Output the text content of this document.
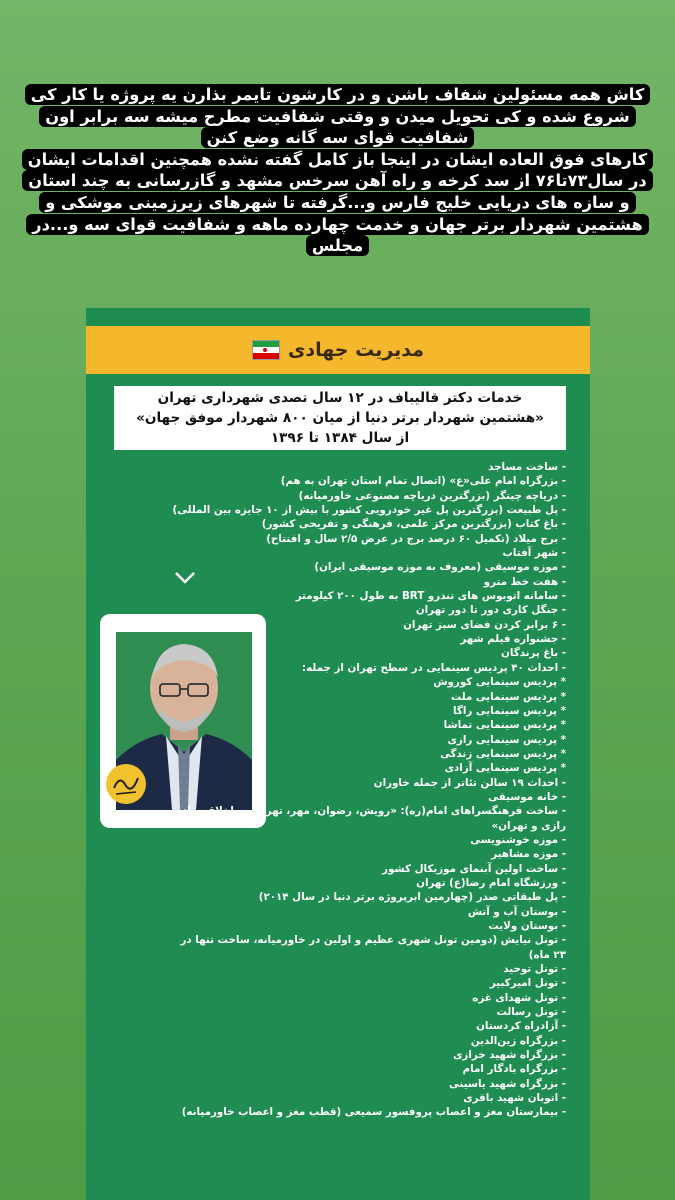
کاش همه مسئولین شفاف باشن و در کارشون تایمر بذارن یه پروژه یا کار کی
شروع شده و کی تحویل میدن و وقتی شفافیت مطرح میشه سه برابر اون
شفافیت قوای سه گانه وضع کنن
کارهای فوق العاده ایشان در اینجا باز کامل گفته نشده همچنین اقدامات ایشان
در سال۷۳تا۷۶ از سد کرخه و راه آهن سرخس مشهد و گازرسانی به چند استان
و سازه های دریایی خلیج فارس و...گرفته تا شهرهای زیرزمینی موشکی و
هشتمین شهردار برتر جهان و خدمت چهارده ماهه و شفافیت قوای سه و...در
مجلس

مدیریت جهادی
خدمات دکتر قالیباف در ۱۲ سال تصدی شهرداری تهران
«هشتمین شهردار برتر دنیا از میان ۸۰۰ شهردار موفق جهان»
از سال ۱۳۸۴ تا ۱۳۹۶
- ساخت مساجد
- بزرگراه امام علی«ع» (اتصال تمام استان تهران به هم)
- دریاچه چیتگر (بزرگترین دریاچه مصنوعی خاورمیانه)
- پل طبیعت (بزرگترین پل غیر خودرویی کشور با بیش از ۱۰ جایزه بین المللی)
- باغ کتاب (بزرگترین مرکز علمی، فرهنگی و تفریحی کشور)
- برج میلاد (تکمیل ۶۰ درصد برج در عرض ۲/۵ سال و افتتاح)
- شهر آفتاب
- موزه موسیقی (معروف به موزه موسیقی ایران)
- هفت خط مترو
- سامانه اتوبوس های تندرو BRT به طول ۲۰۰ کیلومتر
- جنگل کاری دور تا دور تهران
- ۶ برابر کردن فضای سبز تهران
- جشنواره فیلم شهر
- باغ پرندگان
- احداث ۴۰ پردیس سینمایی در سطح تهران از جمله:
* پردیس سینمایی کوروش
* پردیس سینمایی ملت
* پردیس سینمایی راگا
* پردیس سینمایی تماشا
* پردیس سینمایی رازی
* پردیس سینمایی زندگی
* پردیس سینمایی آزادی
- احداث ۱۹ سالن تئاتر از جمله خاوران
- خانه موسیقی
- ساخت فرهنگسراهای امام(ره): «رویش، رضوان، مهر، تهرانسر، اخلاق، خاتم،
رازی و تهران»
- موزه خوشنویسی
- موزه مشاهیر
- ساخت اولین آبنمای موزیکال کشور
- ورزشگاه امام رضا(ع) تهران
- پل طبقاتی صدر (چهارمین ابرپروژه برتر دنیا در سال ۲۰۱۴)
- بوستان آب و آتش
- بوستان ولایت
- تونل نیایش (دومین تونل شهری عظیم و اولین در خاورمیانه، ساخت تنها در
۲۳ ماه)
- تونل توحید
- تونل امیرکبیر
- تونل شهدای غزه
- تونل رسالت
- آزادراه کردستان
- بزرگراه زین‌الدین
- بزرگراه شهید خرازی
- بزرگراه یادگار امام
- بزرگراه شهید یاسینی
- اتوبان شهید باقری
- بیمارستان مغز و اعصاب پروفسور سمیعی (قطب مغز و اعصاب خاورمیانه)
